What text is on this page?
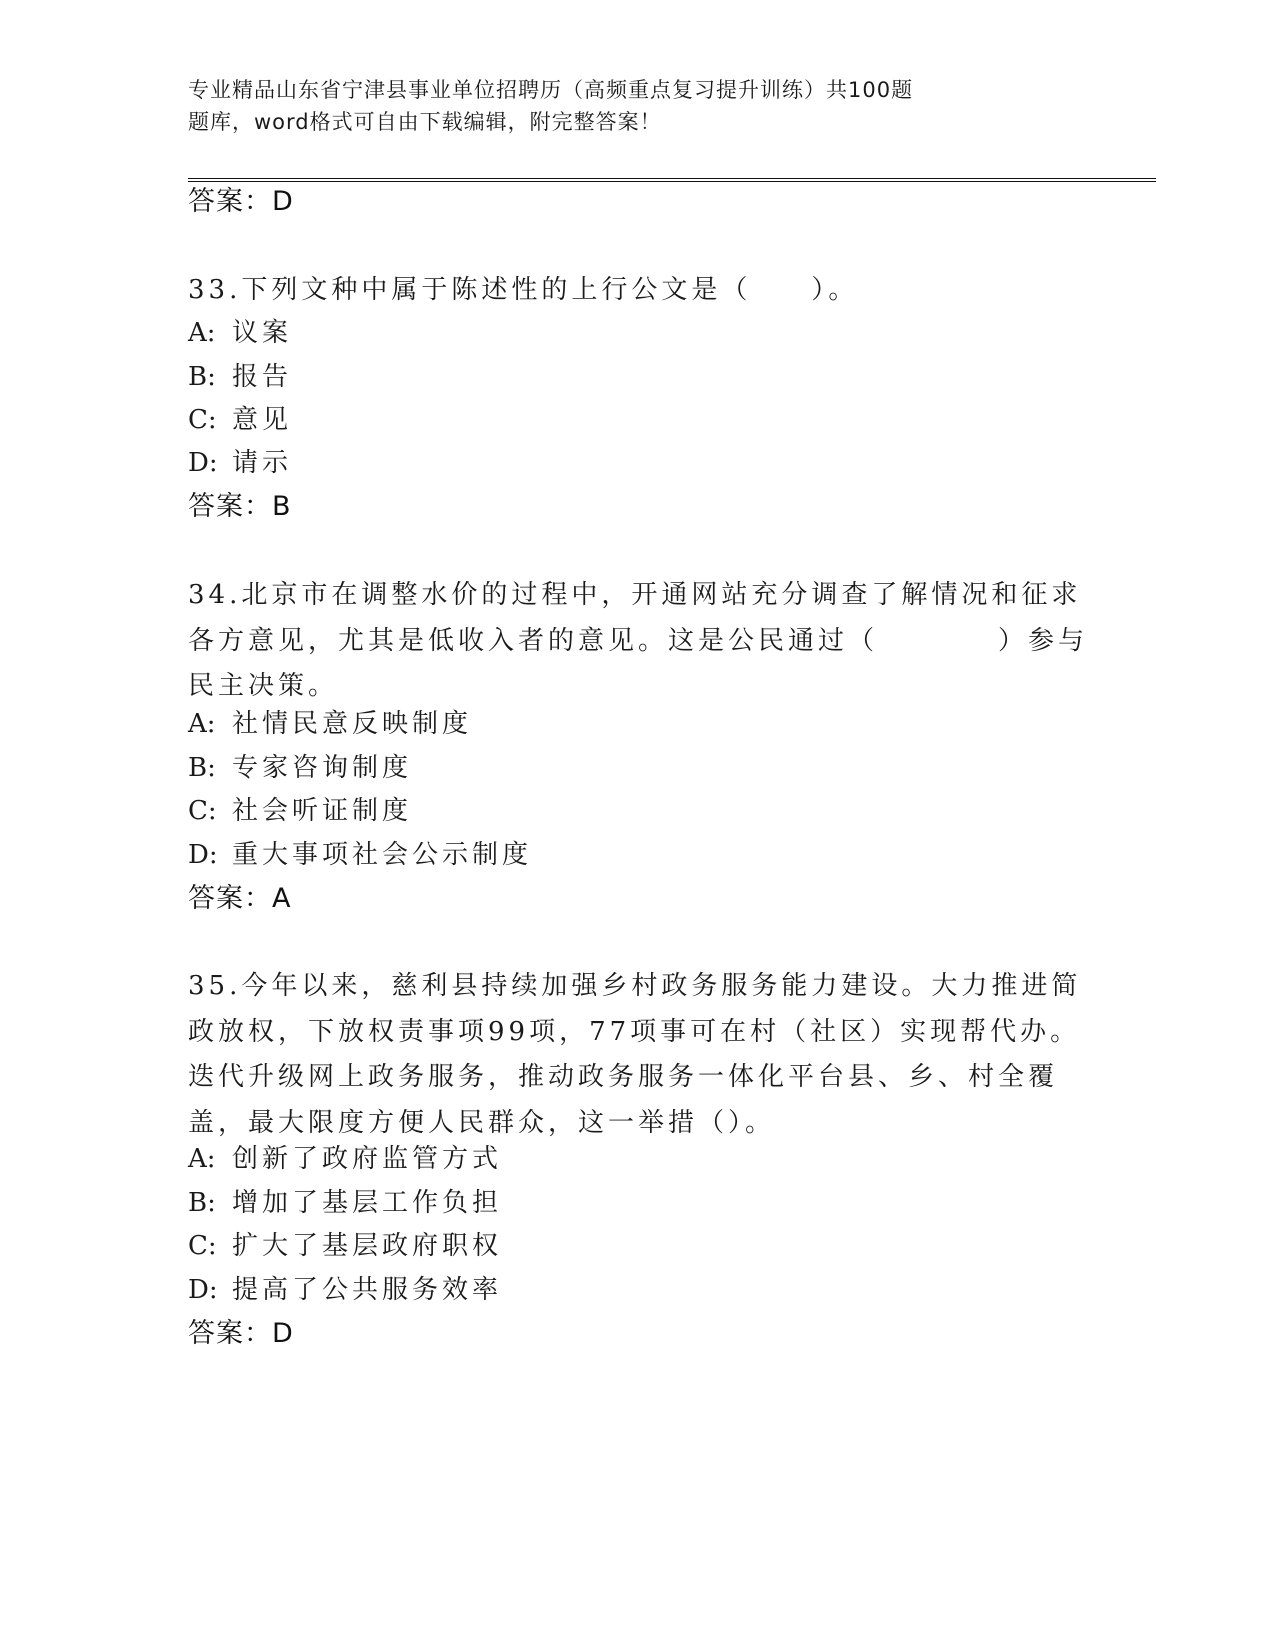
专业精品山东省宁津县事业单位招聘历（高频重点复习提升训练）共100题
题库，word格式可自由下载编辑，附完整答案！
答案：D
33.下列文种中属于陈述性的上行公文是（　　）。
A: 议案
B: 报告
C: 意见
D: 请示
答案：B
34.北京市在调整水价的过程中，开通网站充分调查了解情况和征求各方意见，尤其是低收入者的意见。这是公民通过（　　　　）参与民主决策。
A: 社情民意反映制度
B: 专家咨询制度
C: 社会听证制度
D: 重大事项社会公示制度
答案：A
35.今年以来，慈利县持续加强乡村政务服务能力建设。大力推进简政放权，下放权责事项99项，77项事可在村（社区）实现帮代办。迭代升级网上政务服务，推动政务服务一体化平台县、乡、村全覆盖，最大限度方便人民群众，这一举措（）。
A: 创新了政府监管方式
B: 增加了基层工作负担
C: 扩大了基层政府职权
D: 提高了公共服务效率
答案：D
